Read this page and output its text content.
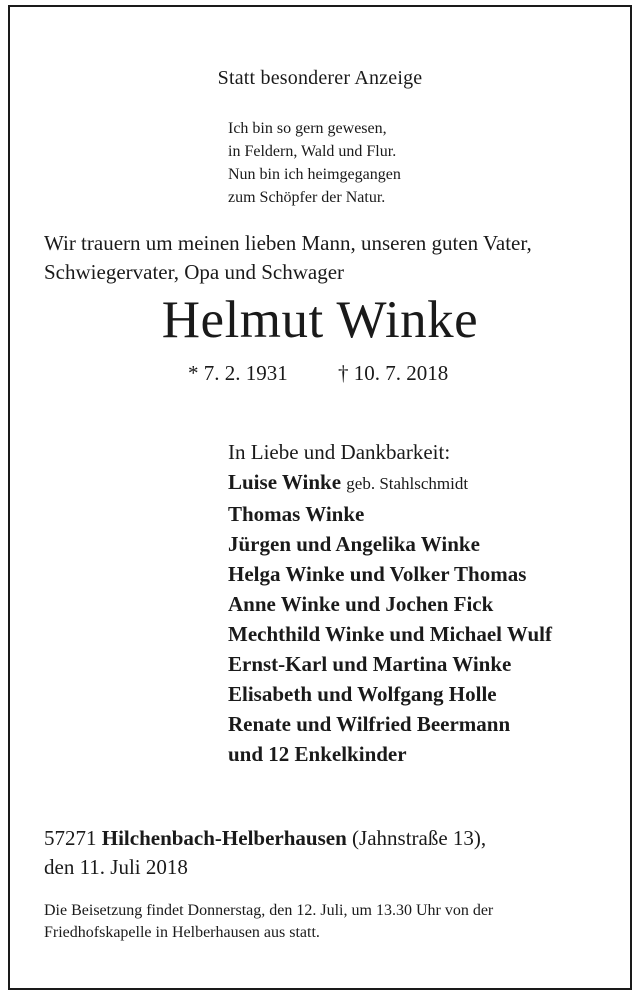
Statt besonderer Anzeige
Ich bin so gern gewesen,
in Feldern, Wald und Flur.
Nun bin ich heimgegangen
zum Schöpfer der Natur.
Wir trauern um meinen lieben Mann, unseren guten Vater,
Schwiegervater, Opa und Schwager
Helmut Winke
* 7. 2. 1931 † 10. 7. 2018
In Liebe und Dankbarkeit:
Luise Winke geb. Stahlschmidt
Thomas Winke
Jürgen und Angelika Winke
Helga Winke und Volker Thomas
Anne Winke und Jochen Fick
Mechthild Winke und Michael Wulf
Ernst-Karl und Martina Winke
Elisabeth und Wolfgang Holle
Renate und Wilfried Beermann
und 12 Enkelkinder
57271 Hilchenbach-Helberhausen (Jahnstraße 13),
den 11. Juli 2018
Die Beisetzung findet Donnerstag, den 12. Juli, um 13.30 Uhr von der
Friedhofskapelle in Helberhausen aus statt.
